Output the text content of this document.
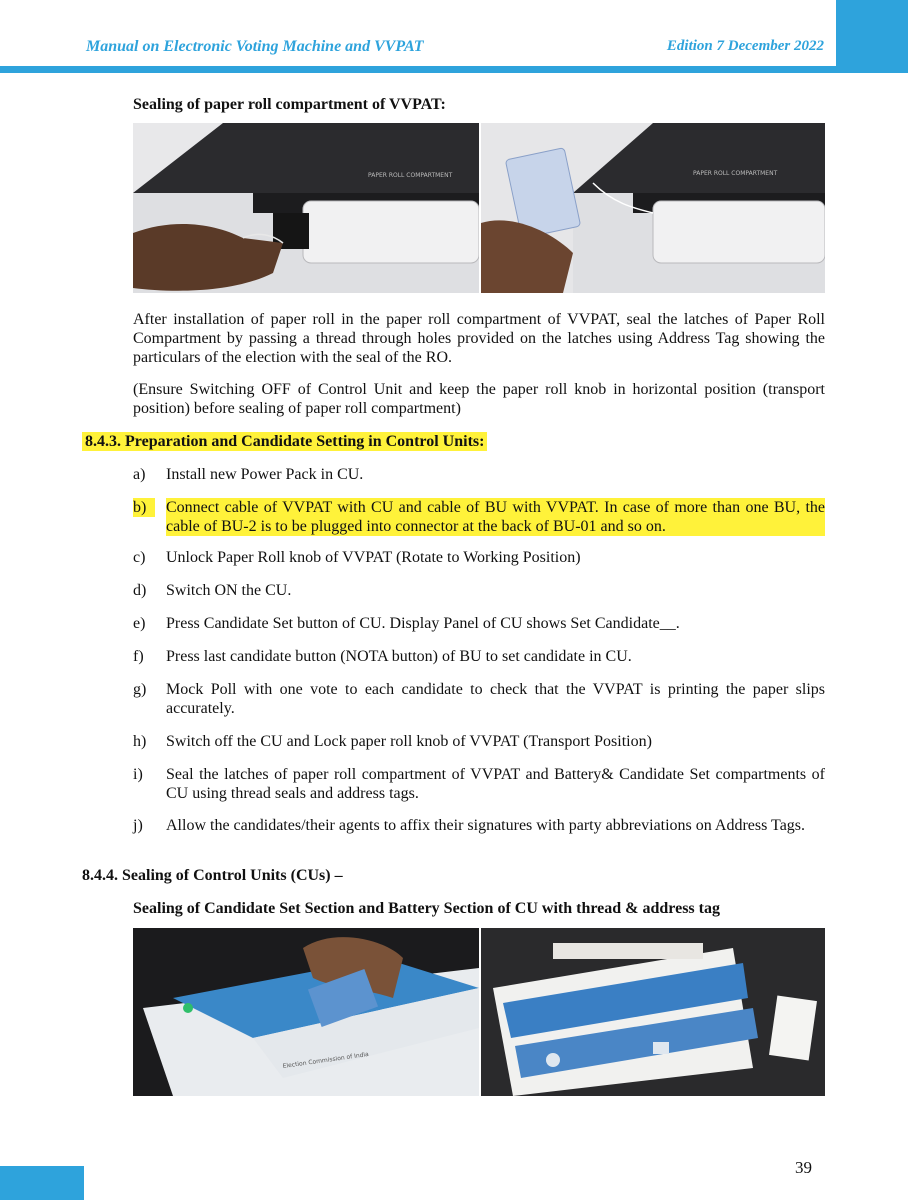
Manual on Electronic Voting Machine and VVPAT	Edition 7 December 2022
Sealing of paper roll compartment of VVPAT:
PAPER ROLL COMPARTMENT	PAPER ROLL COMPARTMENT
After installation of paper roll in the paper roll compartment of VVPAT, seal the latches of Paper Roll Compartment by passing a thread through holes provided on the latches using Address Tag showing the particulars of the election with the seal of the RO.
(Ensure Switching OFF of Control Unit and keep the paper roll knob in horizontal position (transport position) before sealing of paper roll compartment)
8.4.3. Preparation and Candidate Setting in Control Units:
a)	Install new Power Pack in CU.
b)	Connect cable of VVPAT with CU and cable of BU with VVPAT. In case of more than one BU, the cable of BU-2 is to be plugged into connector at the back of BU-01 and so on.
c)	Unlock Paper Roll knob of VVPAT (Rotate to Working Position)
d)	Switch ON the CU.
e)	Press Candidate Set button of CU. Display Panel of CU shows Set Candidate__.
f)	Press last candidate button (NOTA button) of BU to set candidate in CU.
g)	Mock Poll with one vote to each candidate to check that the VVPAT is printing the paper slips accurately.
h)	Switch off the CU and Lock paper roll knob of VVPAT (Transport Position)
i)	Seal the latches of paper roll compartment of VVPAT and Battery& Candidate Set compartments of CU using thread seals and address tags.
j)	Allow the candidates/their agents to affix their signatures with party abbreviations on Address Tags.
8.4.4. Sealing of Control Units (CUs) –
Sealing of Candidate Set Section and Battery Section of CU with thread & address tag
Election Commission of India
39
